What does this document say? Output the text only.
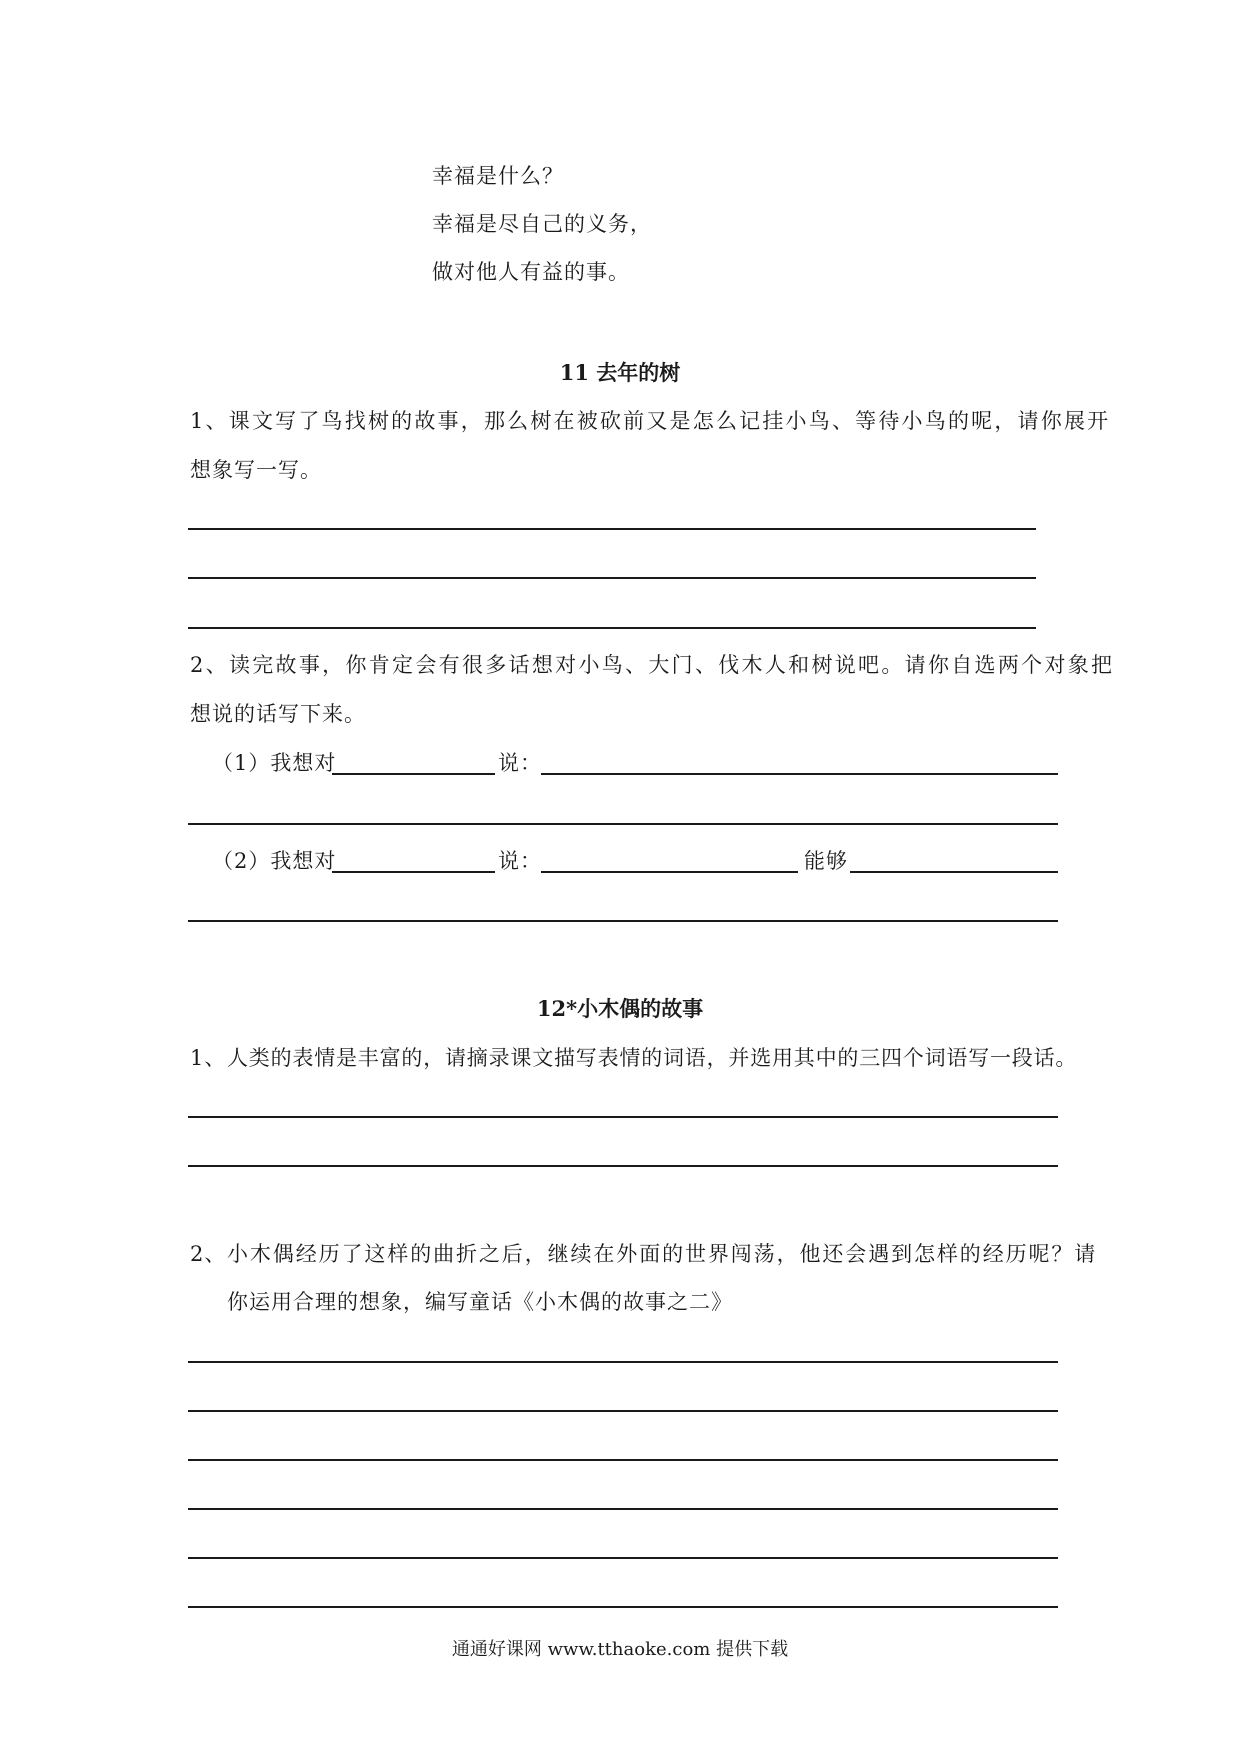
幸福是什么？
幸福是尽自己的义务，
做对他人有益的事。
11 去年的树
1、课文写了鸟找树的故事，那么树在被砍前又是怎么记挂小鸟、等待小鸟的呢，请你展开
想象写一写。
2、读完故事，你肯定会有很多话想对小鸟、大门、伐木人和树说吧。请你自选两个对象把
想说的话写下来。
（1）我想对	说：
（2）我想对	说：	能够
12*小木偶的故事
1、 人类的表情是丰富的，请摘录课文描写表情的词语，并选用其中的三四个词语写一段话。
2、 小木偶经历了这样的曲折之后，继续在外面的世界闯荡，他还会遇到怎样的经历呢？请
你运用合理的想象，编写童话《小木偶的故事之二》
通通好课网 www.tthaoke.com 提供下载
